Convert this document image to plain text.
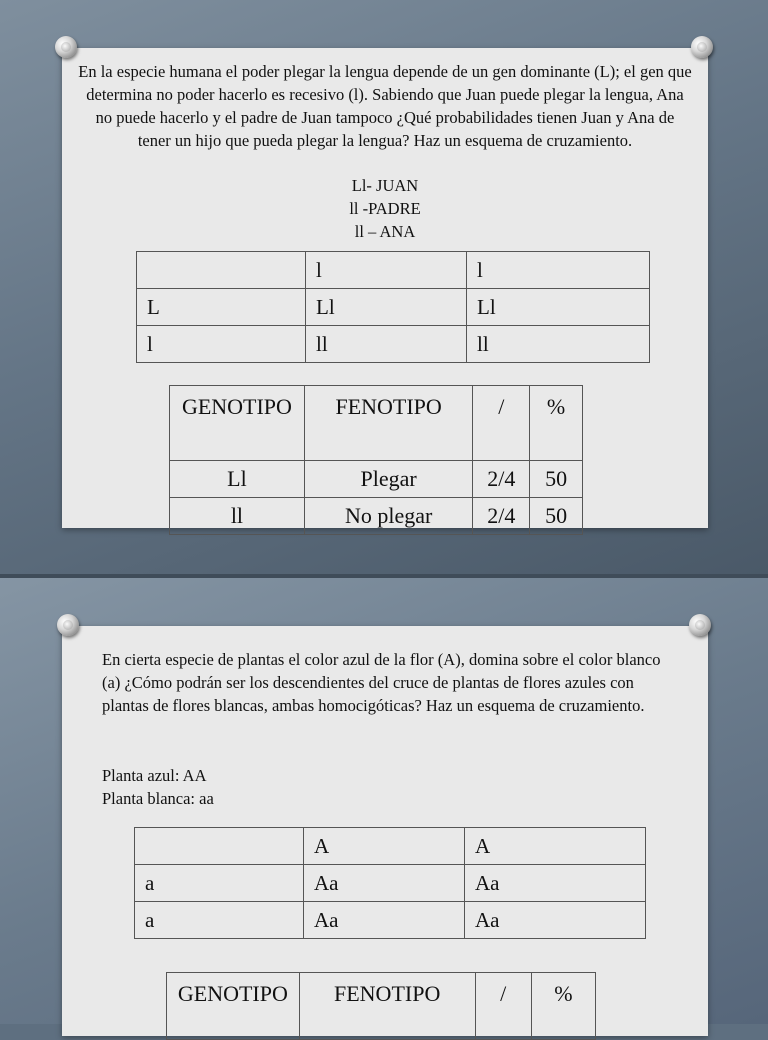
En la especie humana el poder plegar la lengua depende de un gen dominante (L); el gen que determina no poder hacerlo es recesivo (l). Sabiendo que Juan puede plegar la lengua, Ana no puede hacerlo y el padre de Juan tampoco ¿Qué probabilidades tienen Juan y Ana de tener un hijo que pueda plegar la lengua? Haz un esquema de cruzamiento.
Ll- JUAN
ll -PADRE
ll – ANA
	l	l
L	Ll	Ll
l	ll	ll
GENOTIPO	FENOTIPO	/	%
Ll	Plegar	2/4	50
ll	No plegar	2/4	50
En cierta especie de plantas el color azul de la flor (A), domina sobre el color blanco (a) ¿Cómo podrán ser los descendientes del cruce de plantas de flores azules con plantas de flores blancas, ambas homocigóticas? Haz un esquema de cruzamiento.
Planta azul: AA
Planta blanca: aa
	A	A
a	Aa	Aa
a	Aa	Aa
GENOTIPO	FENOTIPO	/	%
